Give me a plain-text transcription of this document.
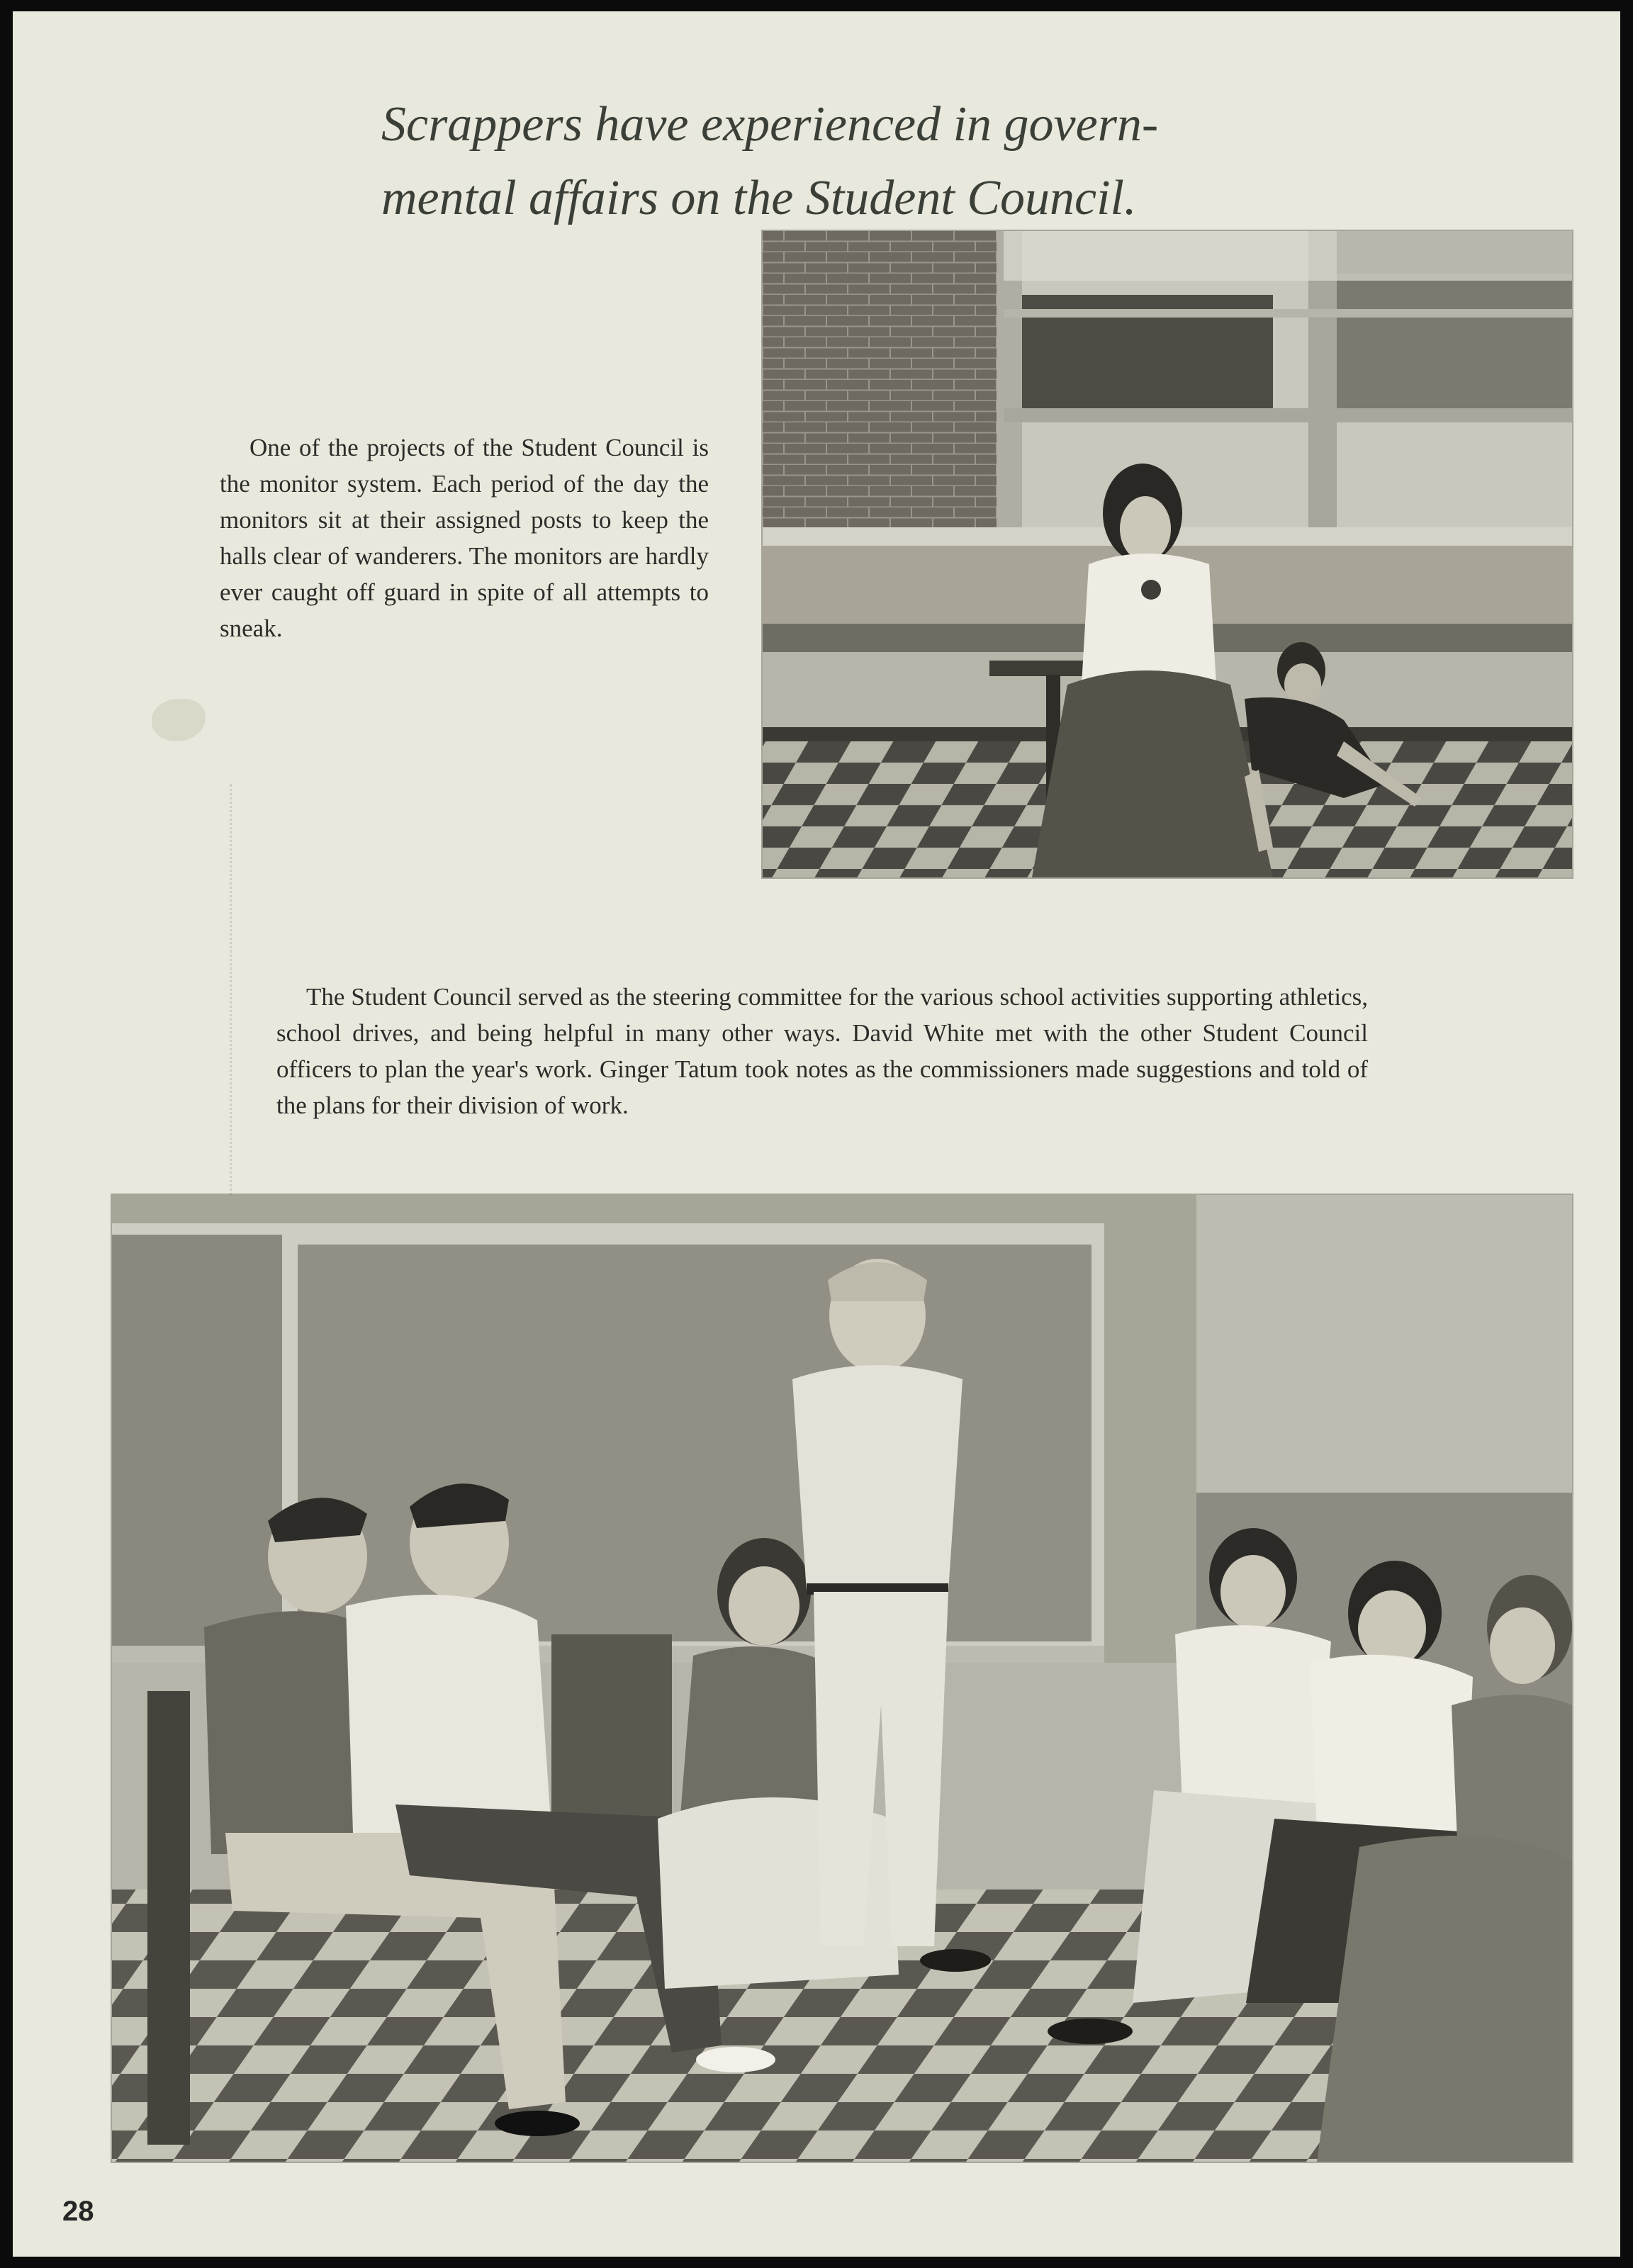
Scrappers have experienced in govern-
mental affairs on the Student Council.

One of the projects of the Student Council is the monitor system. Each period of the day the monitors sit at their assigned posts to keep the halls clear of wanderers. The monitors are hardly ever caught off guard in spite of all attempts to sneak.

The Student Council served as the steering committee for the various school activities supporting athletics, school drives, and being helpful in many other ways. David White met with the other Student Council officers to plan the year's work. Ginger Tatum took notes as the commissioners made suggestions and told of the plans for their division of work.

28
